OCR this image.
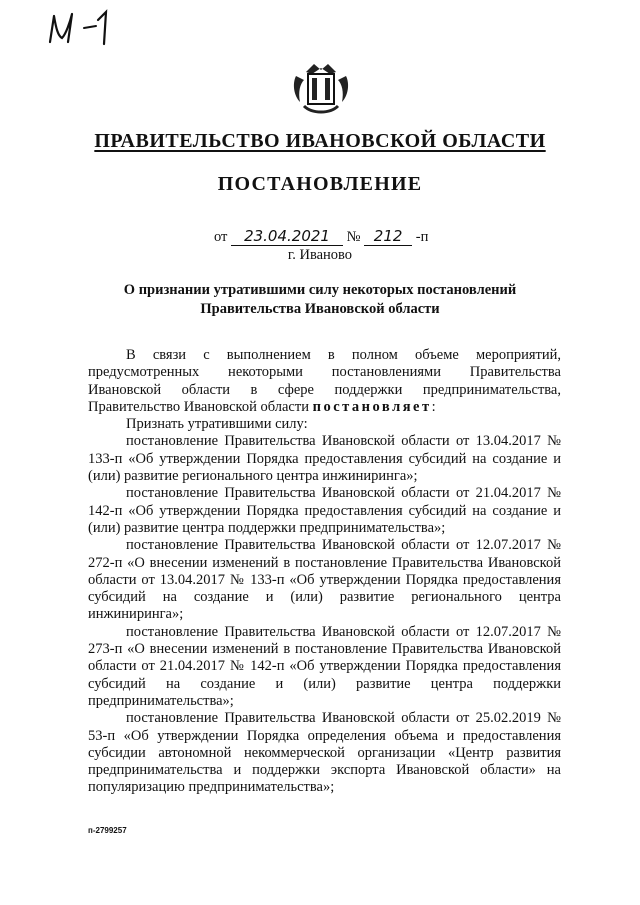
ПРАВИТЕЛЬСТВО ИВАНОВСКОЙ ОБЛАСТИ
ПОСТАНОВЛЕНИЕ
от 23.04.2021 № 212 -п
г. Иваново
О признании утратившими силу некоторых постановлений
Правительства Ивановской области

В связи с выполнением в полном объеме мероприятий, предусмотренных некоторыми постановлениями Правительства Ивановской области в сфере поддержки предпринимательства, Правительство Ивановской области постановляет:

Признать утратившими силу:

постановление Правительства Ивановской области от 13.04.2017 № 133-п «Об утверждении Порядка предоставления субсидий на создание и (или) развитие регионального центра инжиниринга»;

постановление Правительства Ивановской области от 21.04.2017 № 142-п «Об утверждении Порядка предоставления субсидий на создание и (или) развитие центра поддержки предпринимательства»;

постановление Правительства Ивановской области от 12.07.2017 № 272-п «О внесении изменений в постановление Правительства Ивановской области от 13.04.2017 № 133-п «Об утверждении Порядка предоставления субсидий на создание и (или) развитие регионального центра инжиниринга»;

постановление Правительства Ивановской области от 12.07.2017 № 273-п «О внесении изменений в постановление Правительства Ивановской области от 21.04.2017 № 142-п «Об утверждении Порядка предоставления субсидий на создание и (или) развитие центра поддержки предпринимательства»;

постановление Правительства Ивановской области от 25.02.2019 № 53-п «Об утверждении Порядка определения объема и предоставления субсидии автономной некоммерческой организации «Центр развития предпринимательства и поддержки экспорта Ивановской области» на популяризацию предпринимательства»;

п-2799257
